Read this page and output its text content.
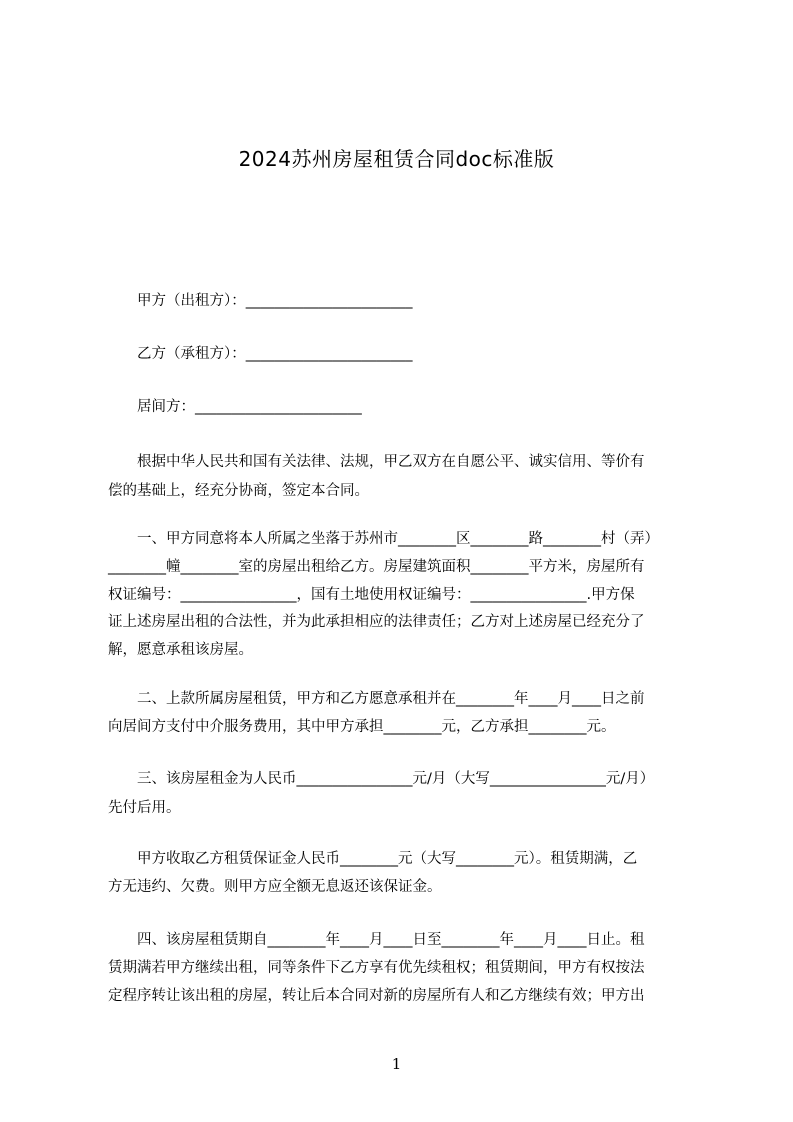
2024苏州房屋租赁合同doc标准版
甲方（出租方）：_______________________
乙方（承租方）：_______________________
居间方：_______________________
根据中华人民共和国有关法律、法规，甲乙双方在自愿公平、诚实信用、等价有
偿的基础上，经充分协商，签定本合同。
一、甲方同意将本人所属之坐落于苏州市________区________路________村（弄）
________幢________室的房屋出租给乙方。房屋建筑面积________平方米，房屋所有
权证编号：________________，国有土地使用权证编号：________________.甲方保
证上述房屋出租的合法性，并为此承担相应的法律责任；乙方对上述房屋已经充分了
解，愿意承租该房屋。
二、上款所属房屋租赁，甲方和乙方愿意承租并在________年____月____日之前
向居间方支付中介服务费用，其中甲方承担________元，乙方承担________元。
三、该房屋租金为人民币________________元/月（大写________________元/月）
先付后用。
甲方收取乙方租赁保证金人民币________元（大写________元）。租赁期满，乙
方无违约、欠费。则甲方应全额无息返还该保证金。
四、该房屋租赁期自________年____月____日至________年____月____日止。租
赁期满若甲方继续出租，同等条件下乙方享有优先续租权；租赁期间，甲方有权按法
定程序转让该出租的房屋，转让后本合同对新的房屋所有人和乙方继续有效；甲方出
1
